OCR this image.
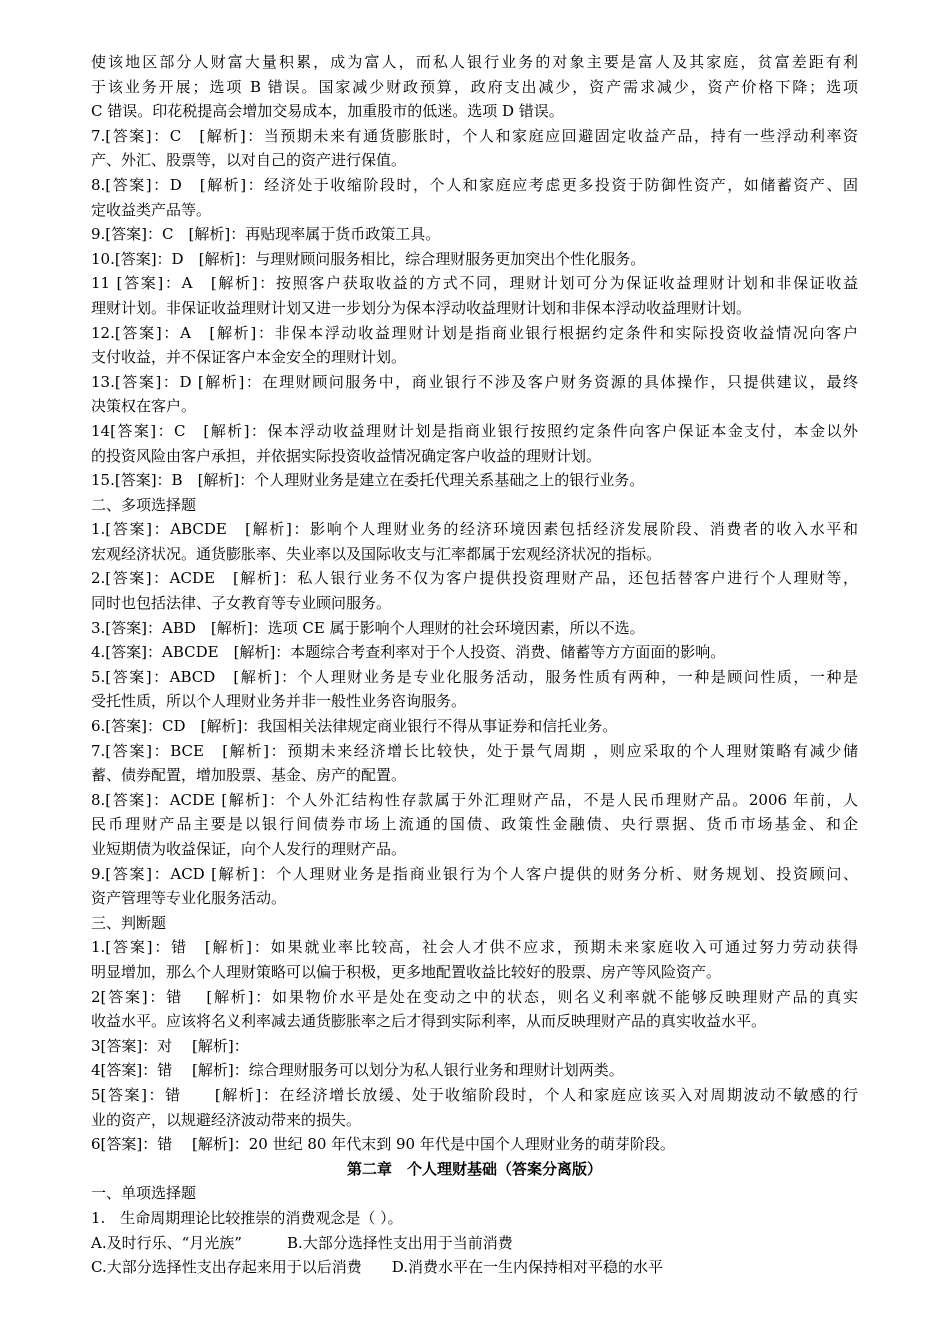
使该地区部分人财富大量积累，成为富人，而私人银行业务的对象主要是富人及其家庭，贫富差距有利
于该业务开展；选项 B 错误。国家减少财政预算，政府支出减少，资产需求减少，资产价格下降；选项
C 错误。印花税提高会增加交易成本，加重股市的低迷。选项 D 错误。
7.[答案]：C　[解析]：当预期未来有通货膨胀时，个人和家庭应回避固定收益产品，持有一些浮动利率资
产、外汇、股票等，以对自己的资产进行保值。
8.[答案]：D　[解析]：经济处于收缩阶段时，个人和家庭应考虑更多投资于防御性资产，如储蓄资产、固
定收益类产品等。
9.[答案]：C　[解析]：再贴现率属于货币政策工具。
10.[答案]：D　[解析]：与理财顾问服务相比，综合理财服务更加突出个性化服务。
11 [答案]：A　[解析]：按照客户获取收益的方式不同，理财计划可分为保证收益理财计划和非保证收益
理财计划。非保证收益理财计划又进一步划分为保本浮动收益理财计划和非保本浮动收益理财计划。
12.[答案]：A　[解析]：非保本浮动收益理财计划是指商业银行根据约定条件和实际投资收益情况向客户
支付收益，并不保证客户本金安全的理财计划。
13.[答案]：D [解析]：在理财顾问服务中，商业银行不涉及客户财务资源的具体操作，只提供建议，最终
决策权在客户。
14[答案]：C　[解析]：保本浮动收益理财计划是指商业银行按照约定条件向客户保证本金支付，本金以外
的投资风险由客户承担，并依据实际投资收益情况确定客户收益的理财计划。
15.[答案]：B　[解析]：个人理财业务是建立在委托代理关系基础之上的银行业务。
二、多项选择题
1.[答案]：ABCDE　[解析]：影响个人理财业务的经济环境因素包括经济发展阶段、消费者的收入水平和
宏观经济状况。通货膨胀率、失业率以及国际收支与汇率都属于宏观经济状况的指标。
2.[答案]：ACDE　[解析]：私人银行业务不仅为客户提供投资理财产品，还包括替客户进行个人理财等，
同时也包括法律、子女教育等专业顾问服务。
3.[答案]：ABD　[解析]：选项 CE 属于影响个人理财的社会环境因素，所以不选。
4.[答案]：ABCDE　[解析]：本题综合考查利率对于个人投资、消费、储蓄等方方面面的影响。
5.[答案]：ABCD　[解析]：个人理财业务是专业化服务活动，服务性质有两种，一种是顾问性质，一种是
受托性质，所以个人理财业务并非一般性业务咨询服务。
6.[答案]：CD　[解析]：我国相关法律规定商业银行不得从事证券和信托业务。
7.[答案]：BCE　[解析]：预期未来经济增长比较快，处于景气周期 ，则应采取的个人理财策略有减少储
蓄、债券配置，增加股票、基金、房产的配置。
8.[答案]：ACDE [解析]：个人外汇结构性存款属于外汇理财产品，不是人民币理财产品。2006 年前，人
民币理财产品主要是以银行间债券市场上流通的国债、政策性金融债、央行票据、货币市场基金、和企
业短期债为收益保证，向个人发行的理财产品。
9.[答案]：ACD [解析]：个人理财业务是指商业银行为个人客户提供的财务分析、财务规划、投资顾问、
资产管理等专业化服务活动。
三、判断题
1.[答案]：错　[解析]：如果就业率比较高，社会人才供不应求，预期未来家庭收入可通过努力劳动获得
明显增加，那么个人理财策略可以偏于积极，更多地配置收益比较好的股票、房产等风险资产。
2[答案]：错　 [解析]：如果物价水平是处在变动之中的状态，则名义利率就不能够反映理财产品的真实
收益水平。应该将名义利率减去通货膨胀率之后才得到实际利率，从而反映理财产品的真实收益水平。
3[答案]：对　 [解析]：
4[答案]：错　 [解析]：综合理财服务可以划分为私人银行业务和理财计划两类。
5[答案]：错　　[解析]：在经济增长放缓、处于收缩阶段时，个人和家庭应该买入对周期波动不敏感的行
业的资产，以规避经济波动带来的损失。
6[答案]：错　 [解析]：20 世纪 80 年代末到 90 年代是中国个人理财业务的萌芽阶段。
第二章　个人理财基础（答案分离版）
一、单项选择题
1.　生命周期理论比较推崇的消费观念是（ ）。
A.及时行乐、“月光族”　　　B.大部分选择性支出用于当前消费
C.大部分选择性支出存起来用于以后消费　　D.消费水平在一生内保持相对平稳的水平
